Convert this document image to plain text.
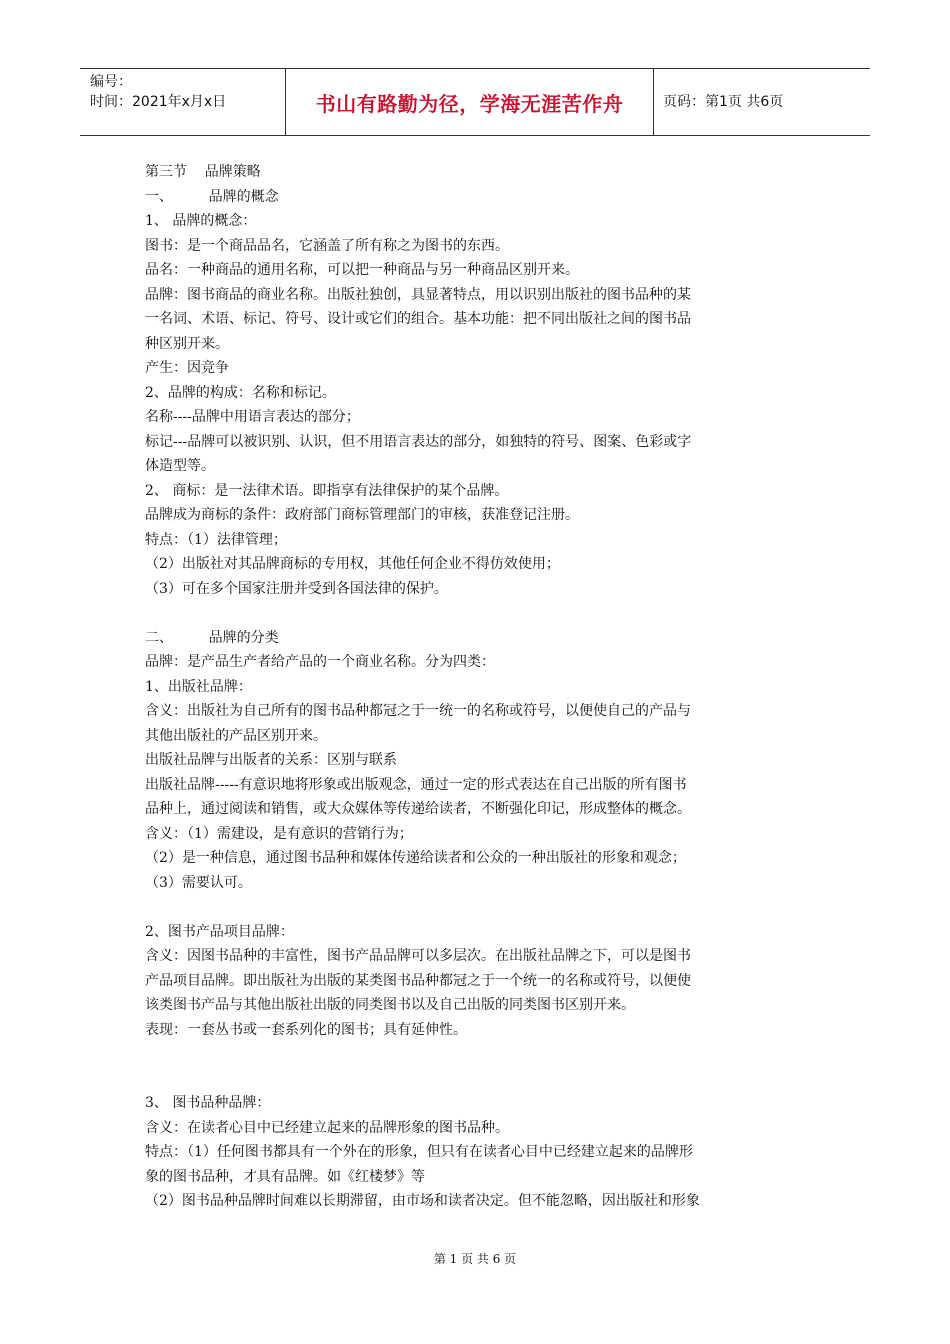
编号：
时间：2021年x月x日	书山有路勤为径，学海无涯苦作舟	页码：第1页 共6页

第三节    品牌策略

一、        品牌的概念

1、 品牌的概念：

图书：是一个商品品名，它涵盖了所有称之为图书的东西。

品名：一种商品的通用名称，可以把一种商品与另一种商品区别开来。

品牌：图书商品的商业名称。出版社独创，具显著特点，用以识别出版社的图书品种的某

一名词、术语、标记、符号、设计或它们的组合。基本功能：把不同出版社之间的图书品

种区别开来。

产生：因竞争

2、品牌的构成：名称和标记。

名称----品牌中用语言表达的部分；

标记---品牌可以被识别、认识，但不用语言表达的部分，如独特的符号、图案、色彩或字

体造型等。

2、 商标：是一法律术语。即指享有法律保护的某个品牌。

品牌成为商标的条件：政府部门商标管理部门的审核，获准登记注册。

特点：（1）法律管理；

（2）出版社对其品牌商标的专用权，其他任何企业不得仿效使用；

（3）可在多个国家注册并受到各国法律的保护。

二、        品牌的分类

品牌：是产品生产者给产品的一个商业名称。分为四类：

1、出版社品牌：

含义：出版社为自己所有的图书品种都冠之于一统一的名称或符号，以便使自己的产品与

其他出版社的产品区别开来。

出版社品牌与出版者的关系：区别与联系

出版社品牌-----有意识地将形象或出版观念，通过一定的形式表达在自己出版的所有图书

品种上，通过阅读和销售，或大众媒体等传递给读者，不断强化印记，形成整体的概念。

含义：（1）需建设，是有意识的营销行为；

（2）是一种信息，通过图书品种和媒体传递给读者和公众的一种出版社的形象和观念；

（3）需要认可。

2、图书产品项目品牌：

含义：因图书品种的丰富性，图书产品品牌可以多层次。在出版社品牌之下，可以是图书

产品项目品牌。即出版社为出版的某类图书品种都冠之于一个统一的名称或符号，以便使

该类图书产品与其他出版社出版的同类图书以及自己出版的同类图书区别开来。

表现：一套丛书或一套系列化的图书；具有延伸性。

3、 图书品种品牌：

含义：在读者心目中已经建立起来的品牌形象的图书品种。

特点：（1）任何图书都具有一个外在的形象，但只有在读者心目中已经建立起来的品牌形

象的图书品种，才具有品牌。如《红楼梦》等

（2）图书品种品牌时间难以长期滞留，由市场和读者决定。但不能忽略，因出版社和形象

第 1 页 共 6 页
